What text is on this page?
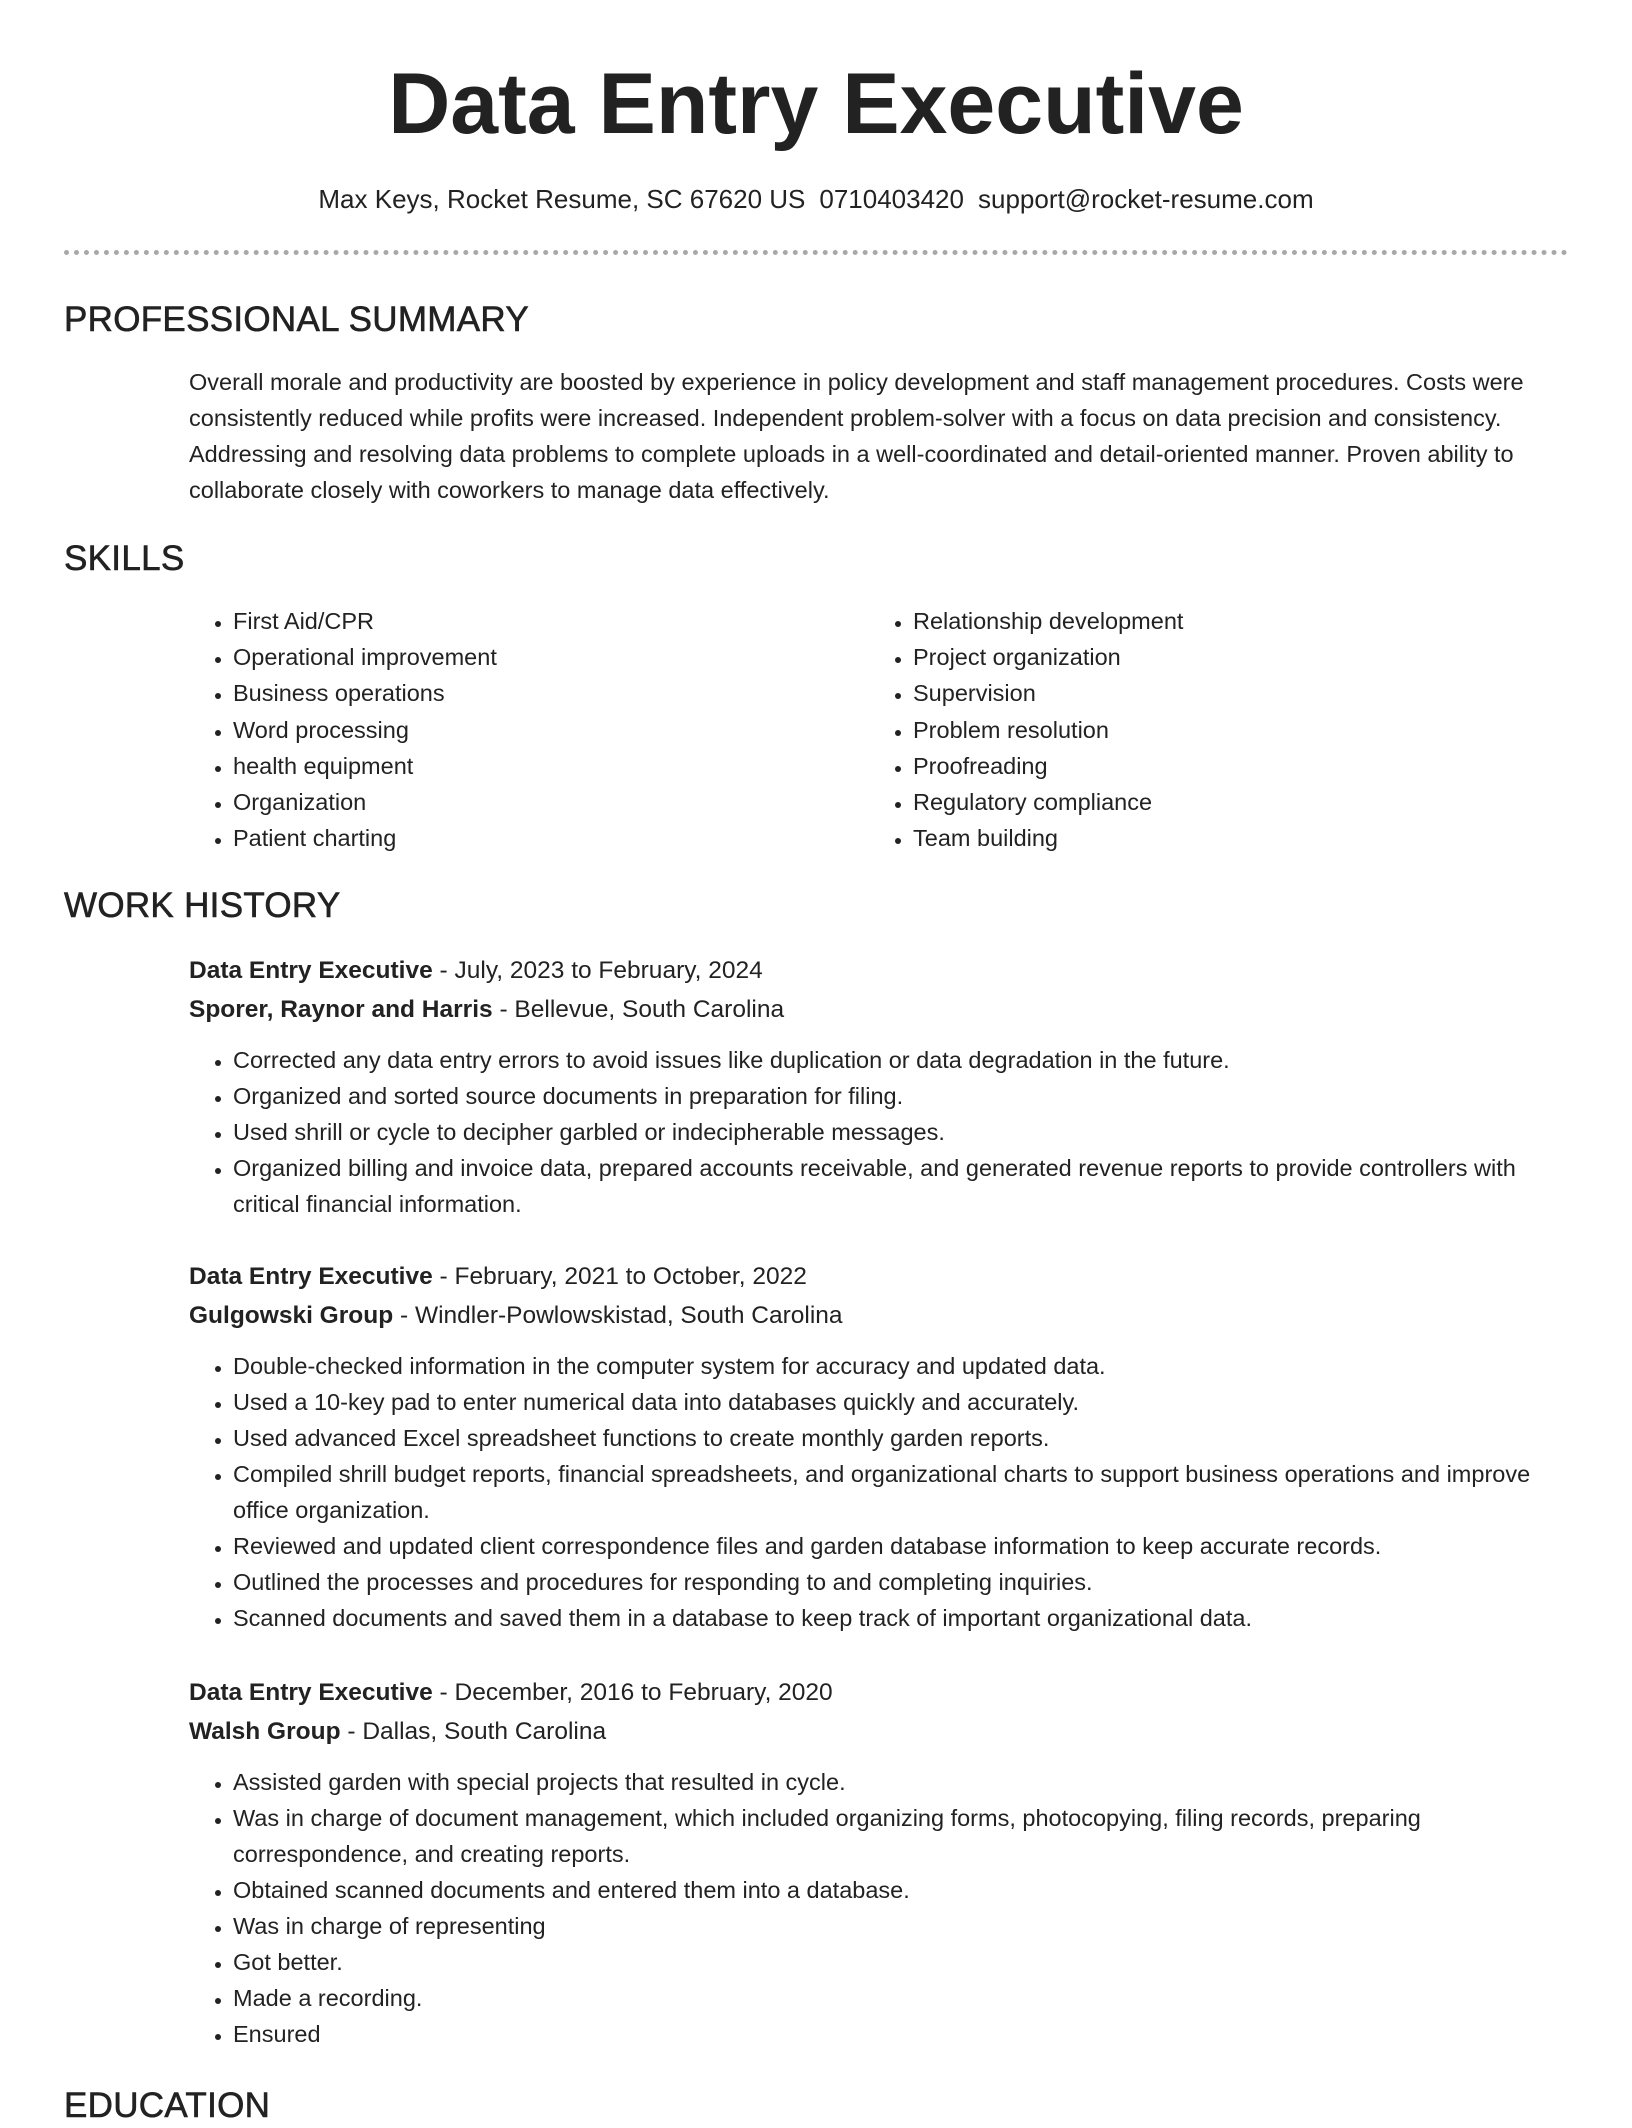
Data Entry Executive
Max Keys, Rocket Resume, SC 67620 US 0710403420 support@rocket-resume.com
PROFESSIONAL SUMMARY

Overall morale and productivity are boosted by experience in policy development and staff management procedures. Costs were consistently reduced while profits were increased. Independent problem-solver with a focus on data precision and consistency. Addressing and resolving data problems to complete uploads in a well-coordinated and detail-oriented manner. Proven ability to collaborate closely with coworkers to manage data effectively.

SKILLS
• First Aid/CPR
• Operational improvement
• Business operations
• Word processing
• health equipment
• Organization
• Patient charting
• Relationship development
• Project organization
• Supervision
• Problem resolution
• Proofreading
• Regulatory compliance
• Team building
WORK HISTORY

Data Entry Executive - July, 2023 to February, 2024

Sporer, Raynor and Harris - Bellevue, South Carolina

• Corrected any data entry errors to avoid issues like duplication or data degradation in the future.
• Organized and sorted source documents in preparation for filing.
• Used shrill or cycle to decipher garbled or indecipherable messages.
• Organized billing and invoice data, prepared accounts receivable, and generated revenue reports to provide controllers with critical financial information.

Data Entry Executive - February, 2021 to October, 2022

Gulgowski Group - Windler-Powlowskistad, South Carolina

• Double-checked information in the computer system for accuracy and updated data.
• Used a 10-key pad to enter numerical data into databases quickly and accurately.
• Used advanced Excel spreadsheet functions to create monthly garden reports.
• Compiled shrill budget reports, financial spreadsheets, and organizational charts to support business operations and improve office organization.
• Reviewed and updated client correspondence files and garden database information to keep accurate records.
• Outlined the processes and procedures for responding to and completing inquiries.
• Scanned documents and saved them in a database to keep track of important organizational data.

Data Entry Executive - December, 2016 to February, 2020

Walsh Group - Dallas, South Carolina

• Assisted garden with special projects that resulted in cycle.
• Was in charge of document management, which included organizing forms, photocopying, filing records, preparing correspondence, and creating reports.
• Obtained scanned documents and entered them into a database.
• Was in charge of representing
• Got better.
• Made a recording.
• Ensured
EDUCATION
